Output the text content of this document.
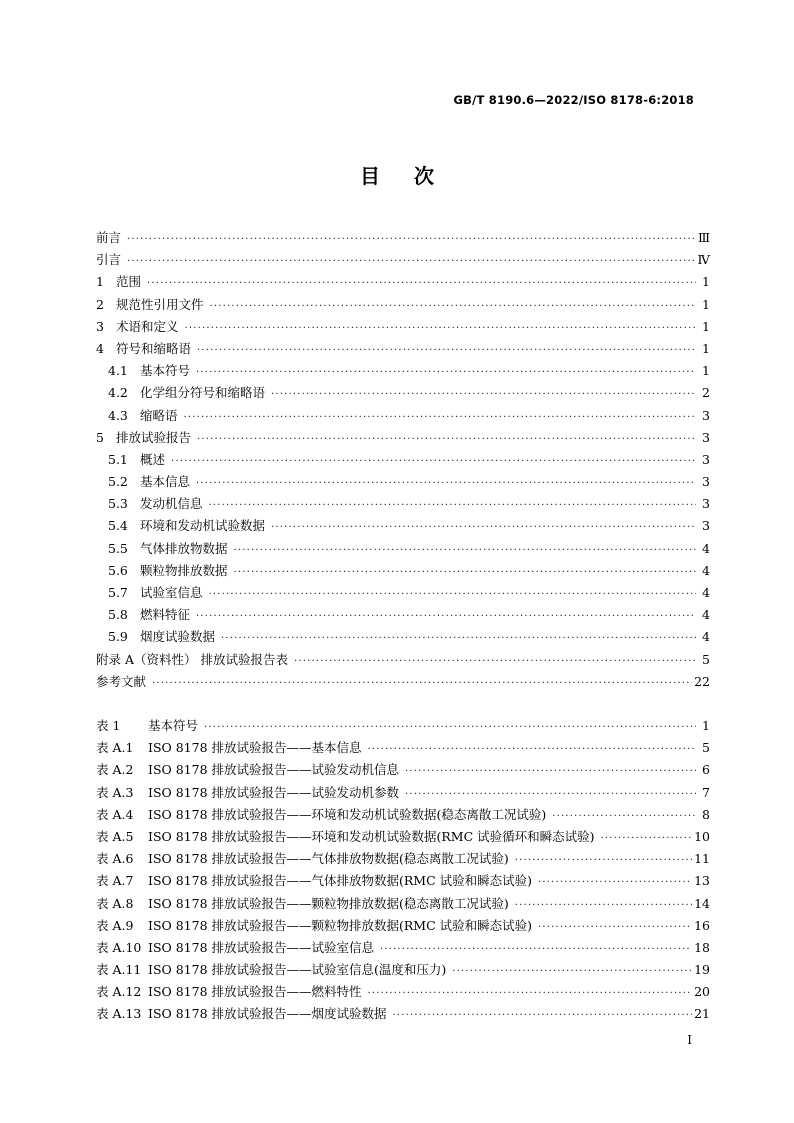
GB/T 8190.6—2022/ISO 8178-6:2018
目次
前言 ·····	Ⅲ
引言 ·····	Ⅳ
1 范围 ·····	1
2 规范性引用文件 ·····	1
3 术语和定义 ·····	1
4 符号和缩略语 ·····	1
4.1 基本符号 ·····	1
4.2 化学组分符号和缩略语 ·····	2
4.3 缩略语 ·····	3
5 排放试验报告 ·····	3
5.1 概述 ·····	3
5.2 基本信息 ·····	3
5.3 发动机信息 ·····	3
5.4 环境和发动机试验数据 ·····	3
5.5 气体排放物数据 ·····	4
5.6 颗粒物排放数据 ·····	4
5.7 试验室信息 ·····	4
5.8 燃料特征 ·····	4
5.9 烟度试验数据 ·····	4
附录 A（资料性） 排放试验报告表 ·····	5
参考文献 ·····	22
表 1	基本符号 ·····	1
表 A.1	ISO 8178 排放试验报告——基本信息 ·····	5
表 A.2	ISO 8178 排放试验报告——试验发动机信息 ·····	6
表 A.3	ISO 8178 排放试验报告——试验发动机参数 ·····	7
表 A.4	ISO 8178 排放试验报告——环境和发动机试验数据(稳态离散工况试验) ·····	8
表 A.5	ISO 8178 排放试验报告——环境和发动机试验数据(RMC 试验循环和瞬态试验) ·····	10
表 A.6	ISO 8178 排放试验报告——气体排放物数据(稳态离散工况试验) ·····	11
表 A.7	ISO 8178 排放试验报告——气体排放物数据(RMC 试验和瞬态试验) ·····	13
表 A.8	ISO 8178 排放试验报告——颗粒物排放数据(稳态离散工况试验) ·····	14
表 A.9	ISO 8178 排放试验报告——颗粒物排放数据(RMC 试验和瞬态试验) ·····	16
表 A.10 ISO 8178 排放试验报告——试验室信息 ·····	18
表 A.11 ISO 8178 排放试验报告——试验室信息(温度和压力) ·····	19
表 A.12 ISO 8178 排放试验报告——燃料特性 ·····	20
表 A.13 ISO 8178 排放试验报告——烟度试验数据 ·····	21
I
